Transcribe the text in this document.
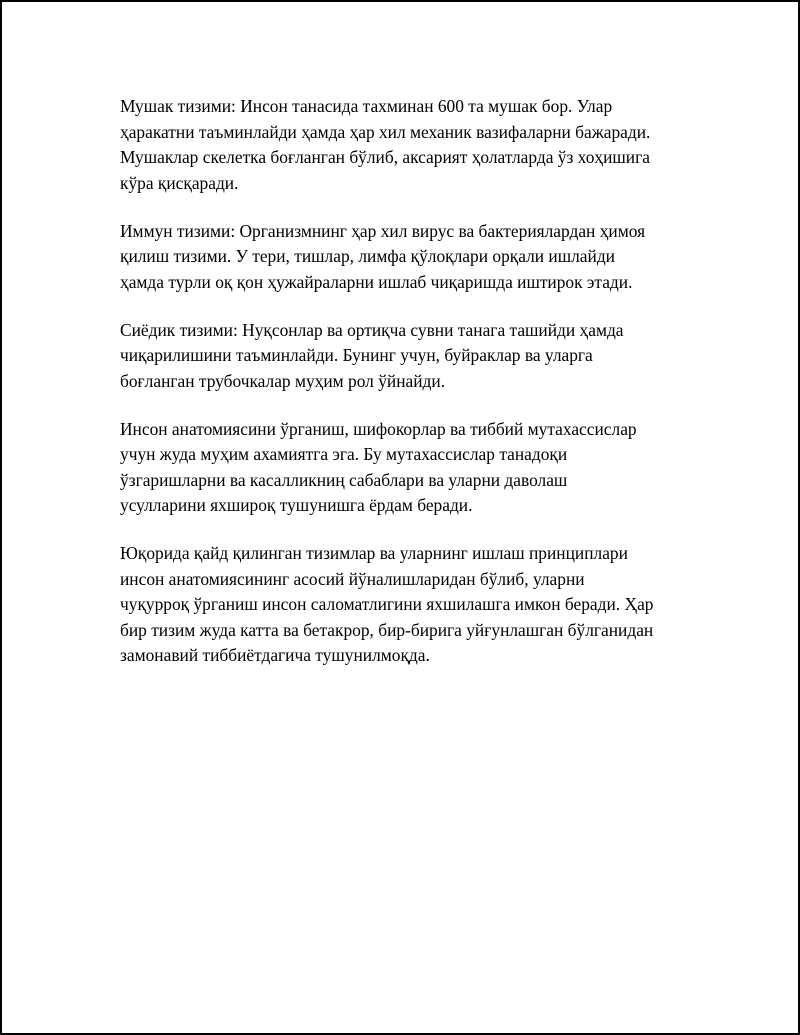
Мушак тизими: Инсон танасида тахминан 600 та мушак бор. Улар
ҳаракатни таъминлайди ҳамда ҳар хил механик вазифаларни бажаради.
Мушаклар скелетка боғланган бўлиб, аксарият ҳолатларда ўз хоҳишига
кўра қисқаради.

Иммун тизими: Организмнинг ҳар хил вирус ва бактериялардан ҳимоя
қилиш тизими. У тери, тишлар, лимфа қўлоқлари орқали ишлайди
ҳамда турли оқ қон ҳужайраларни ишлаб чиқаришда иштирок этади.

Сиёдик тизими: Нуқсонлар ва ортиқча сувни танага ташийди ҳамда
чиқарилишини таъминлайди. Бунинг учун, буйраклар ва уларга
боғланган трубочкалар муҳим рол ўйнайди.

Инсон анатомиясини ўрганиш, шифокорлар ва тиббий мутахассислар
учун жуда муҳим ахамиятга эга. Бу мутахассислар танадоқи
ўзгаришларни ва касалликниң сабаблари ва уларни даволаш
усулларини яхшироқ тушунишга ёрдам беради.

Юқорида қайд қилинган тизимлар ва уларнинг ишлаш принциплари
инсон анатомиясининг асосий йўналишларидан бўлиб, уларни
чуқурроқ ўрганиш инсон саломатлигини яхшилашга имкон беради. Ҳар
бир тизим жуда катта ва бетакрор, бир-бирига уйғунлашган бўлганидан
замонавий тиббиётдагича тушунилмоқда.
